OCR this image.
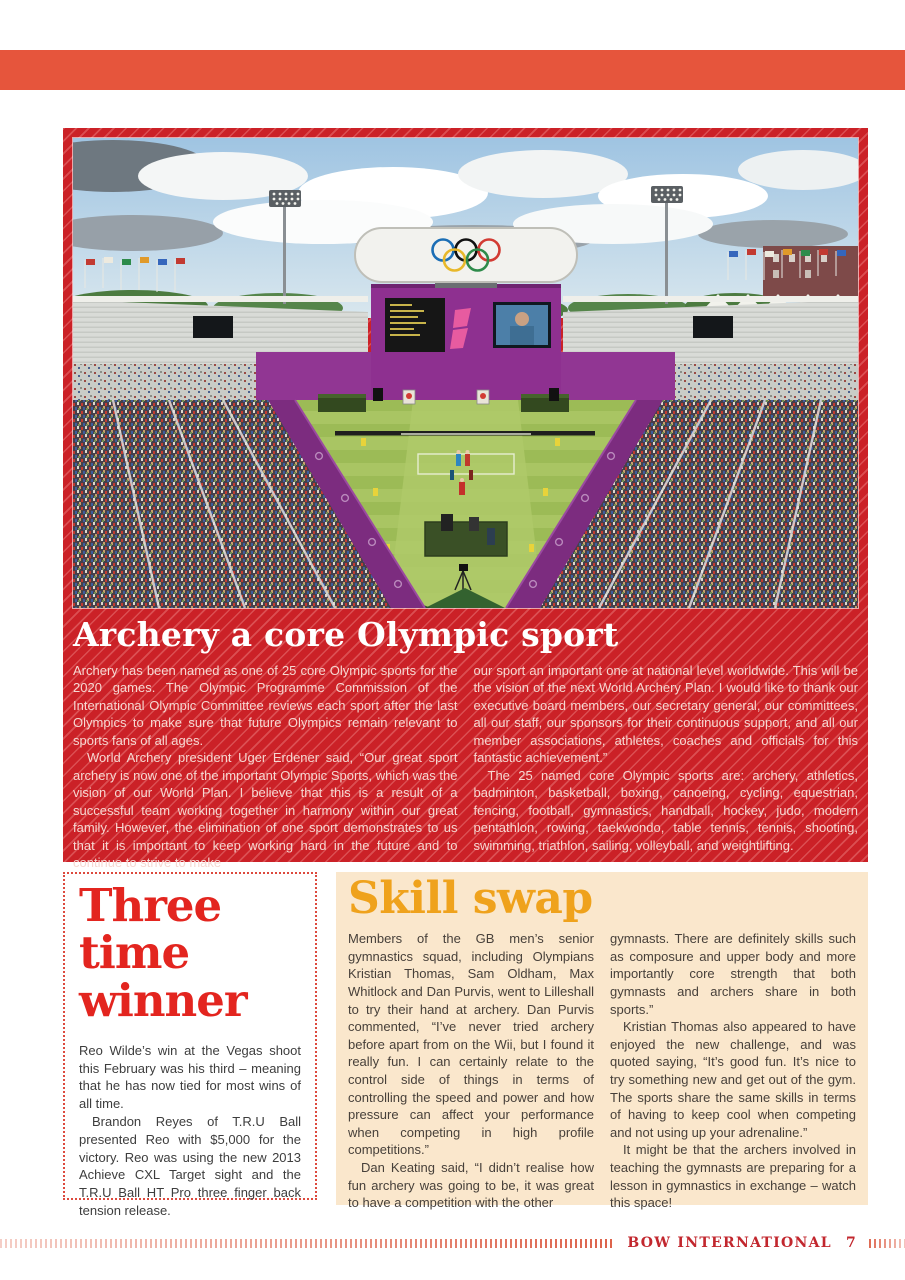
Archery a core Olympic sport

Archery has been named as one of 25 core Olympic sports for the 2020 games. The Olympic Programme Commission of the International Olympic Committee reviews each sport after the last Olympics to make sure that future Olympics remain relevant to sports fans of all ages.

World Archery president Uger Erdener said, “Our great sport archery is now one of the important Olympic Sports, which was the vision of our World Plan. I believe that this is a result of a successful team working together in harmony within our great family. However, the elimination of one sport demonstrates to us that it is important to keep working hard in the future and to continue to strive to make

our sport an important one at national level worldwide. This will be the vision of the next World Archery Plan. I would like to thank our executive board members, our secretary general, our committees, all our staff, our sponsors for their continuous support, and all our member associations, athletes, coaches and officials for this fantastic achievement.”

The 25 named core Olympic sports are: archery, athletics, badminton, basketball, boxing, canoeing, cycling, equestrian, fencing, football, gymnastics, handball, hockey, judo, modern pentathlon, rowing, taekwondo, table tennis, tennis, shooting, swimming, triathlon, sailing, volleyball, and weightlifting.

Three
time
winner

Reo Wilde’s win at the Vegas shoot this February was his third – meaning that he has now tied for most wins of all time.

Brandon Reyes of T.R.U Ball presented Reo with $5,000 for the victory. Reo was using the new 2013 Achieve CXL Target sight and the T.R.U Ball HT Pro three finger back tension release.

Skill swap

Members of the GB men’s senior gymnastics squad, including Olympians Kristian Thomas, Sam Oldham, Max Whitlock and Dan Purvis, went to Lilleshall to try their hand at archery. Dan Purvis commented, “I’ve never tried archery before apart from on the Wii, but I found it really fun. I can certainly relate to the control side of things in terms of controlling the speed and power and how pressure can affect your performance when competing in high profile competitions.”

Dan Keating said, “I didn’t realise how fun archery was going to be, it was great to have a competition with the other

gymnasts. There are definitely skills such as composure and upper body and more importantly core strength that both gymnasts and archers share in both sports.”

Kristian Thomas also appeared to have enjoyed the new challenge, and was quoted saying, “It’s good fun. It’s nice to try something new and get out of the gym. The sports share the same skills in terms of having to keep cool when competing and not using up your adrenaline.”

It might be that the archers involved in teaching the gymnasts are preparing for a lesson in gymnastics in exchange – watch this space!

BOW INTERNATIONAL 7
